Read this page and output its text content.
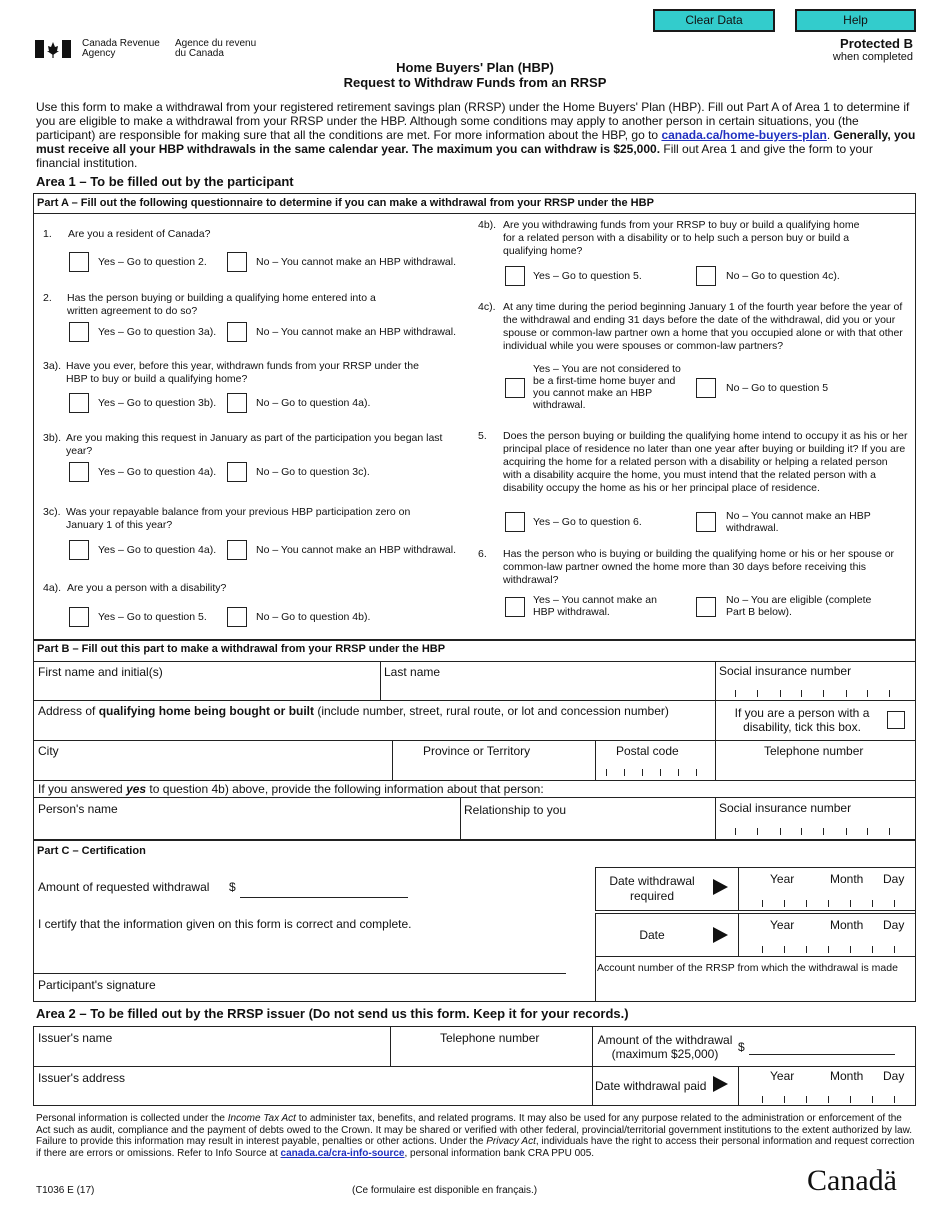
Clear Data	Help
Canada Revenue
Agency
Agence du revenu
du Canada
Home Buyers' Plan (HBP)
Request to Withdraw Funds from an RRSP
Protected B
when completed
Use this form to make a withdrawal from your registered retirement savings plan (RRSP) under the Home Buyers' Plan (HBP). Fill out Part A of Area 1 to determine if you are eligible to make a withdrawal from your RRSP under the HBP. Although some conditions may apply to another person in certain situations, you (the participant) are responsible for making sure that all the conditions are met. For more information about the HBP, go to canada.ca/home-buyers-plan. Generally, you must receive all your HBP withdrawals in the same calendar year. The maximum you can withdraw is $25,000. Fill out Area 1 and give the form to your financial institution.
Area 1 – To be filled out by the participant
Part A – Fill out the following questionnaire to determine if you can make a withdrawal from your RRSP under the HBP
1. Are you a resident of Canada?
Yes – Go to question 2.	No – You cannot make an HBP withdrawal.
2. Has the person buying or building a qualifying home entered into a written agreement to do so?
Yes – Go to question 3a).	No – You cannot make an HBP withdrawal.
3a). Have you ever, before this year, withdrawn funds from your RRSP under the HBP to buy or build a qualifying home?
Yes – Go to question 3b).	No – Go to question 4a).
3b). Are you making this request in January as part of the participation you began last year?
Yes – Go to question 4a).	No – Go to question 3c).
3c). Was your repayable balance from your previous HBP participation zero on January 1 of this year?
Yes – Go to question 4a).	No – You cannot make an HBP withdrawal.
4a). Are you a person with a disability?
Yes – Go to question 5.	No – Go to question 4b).
4b). Are you withdrawing funds from your RRSP to buy or build a qualifying home for a related person with a disability or to help such a person buy or build a qualifying home?
Yes – Go to question 5.	No – Go to question 4c).
4c). At any time during the period beginning January 1 of the fourth year before the year of the withdrawal and ending 31 days before the date of the withdrawal, did you or your spouse or common-law partner own a home that you occupied alone or with that other individual while you were spouses or common-law partners?
Yes – You are not considered to be a first-time home buyer and you cannot make an HBP withdrawal.
No – Go to question 5
5. Does the person buying or building the qualifying home intend to occupy it as his or her principal place of residence no later than one year after buying or building it? If you are acquiring the home for a related person with a disability or helping a related person with a disability acquire the home, you must intend that the related person with a disability occupy the home as his or her principal place of residence.
Yes – Go to question 6.	No – You cannot make an HBP withdrawal.
6. Has the person who is buying or building the qualifying home or his or her spouse or common-law partner owned the home more than 30 days before receiving this withdrawal?
Yes – You cannot make an HBP withdrawal.
No – You are eligible (complete Part B below).
Part B – Fill out this part to make a withdrawal from your RRSP under the HBP
First name and initial(s)	Last name	Social insurance number
Address of qualifying home being bought or built (include number, street, rural route, or lot and concession number)	If you are a person with a disability, tick this box.
City	Province or Territory	Postal code	Telephone number
If you answered yes to question 4b) above, provide the following information about that person:
Person's name	Relationship to you	Social insurance number
Part C – Certification
Amount of requested withdrawal $	Date withdrawal required
Year	Month Day
I certify that the information given on this form is correct and complete.
Date
Year	Month Day
Participant's signature
Account number of the RRSP from which the withdrawal is made
Area 2 – To be filled out by the RRSP issuer (Do not send us this form. Keep it for your records.)
Issuer's name	Telephone number	Amount of the withdrawal (maximum $25,000)	$
Issuer's address
Date withdrawal paid
Year	Month Day
Personal information is collected under the Income Tax Act to administer tax, benefits, and related programs. It may also be used for any purpose related to the administration or enforcement of the Act such as audit, compliance and the payment of debts owed to the Crown. It may be shared or verified with other federal, provincial/territorial government institutions to the extent authorized by law. Failure to provide this information may result in interest payable, penalties or other actions. Under the Privacy Act, individuals have the right to access their personal information and request correction if there are errors or omissions. Refer to Info Source at canada.ca/cra-info-source, personal information bank CRA PPU 005.
T1036 E (17)	(Ce formulaire est disponible en français.)	Canadä
